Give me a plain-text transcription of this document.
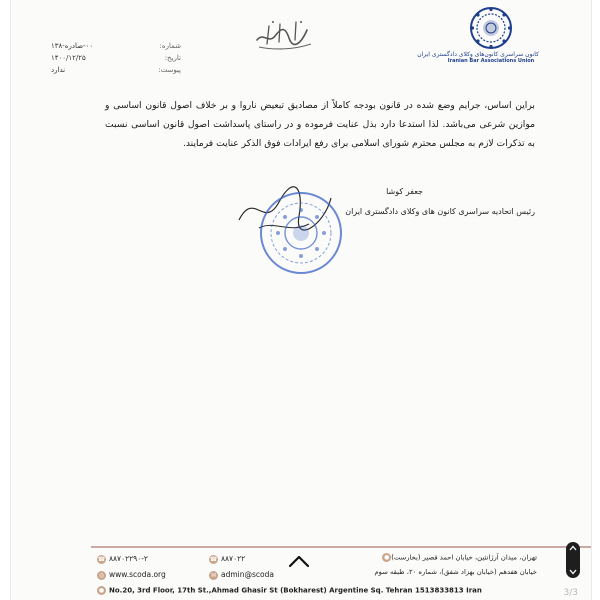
کانون سراسری کانون‌های وکلای دادگستری ایران
Iranian Bar Associations Union
شماره:
۰۰-صادره-۱۳۸
تاریخ:
۱۴۰۰/۱۲/۲۵
پیوست:
ندارد
براین اساس، جرایم وضع شده در قانون بودجه کاملاً از مصادیق تبعیض ناروا و بر خلاف اصول قانون اساسی و موازین شرعی می‌باشد. لذا استدعا دارد بذل عنایت فرموده و در راستای پاسداشت اصول قانون اساسی نسبت به تذکرات لازم به مجلس محترم شورای اسلامی برای رفع ایرادات فوق الذکر عنایت فرمایند.
جعفر کوشا
رئیس اتحادیه سراسری کانون های وکلای دادگستری ایران
☎ ۸۸۷۰۲۲۹۰-۲	☎ ۸۸۷۰۲۲	تهران، میدان آرژانتین، خیابان احمد قصیر (بخارست)●
◎ www.scoda.org	✉ admin@scoda	خیابان هفدهم (خیابان بهزاد شفق)، شماره ۲۰، طبقه سوم
● No.20, 3rd Floor, 17th St.,Ahmad Ghasir St (Bokharest) Argentine Sq. Tehran 1513833813 Iran	3/3
